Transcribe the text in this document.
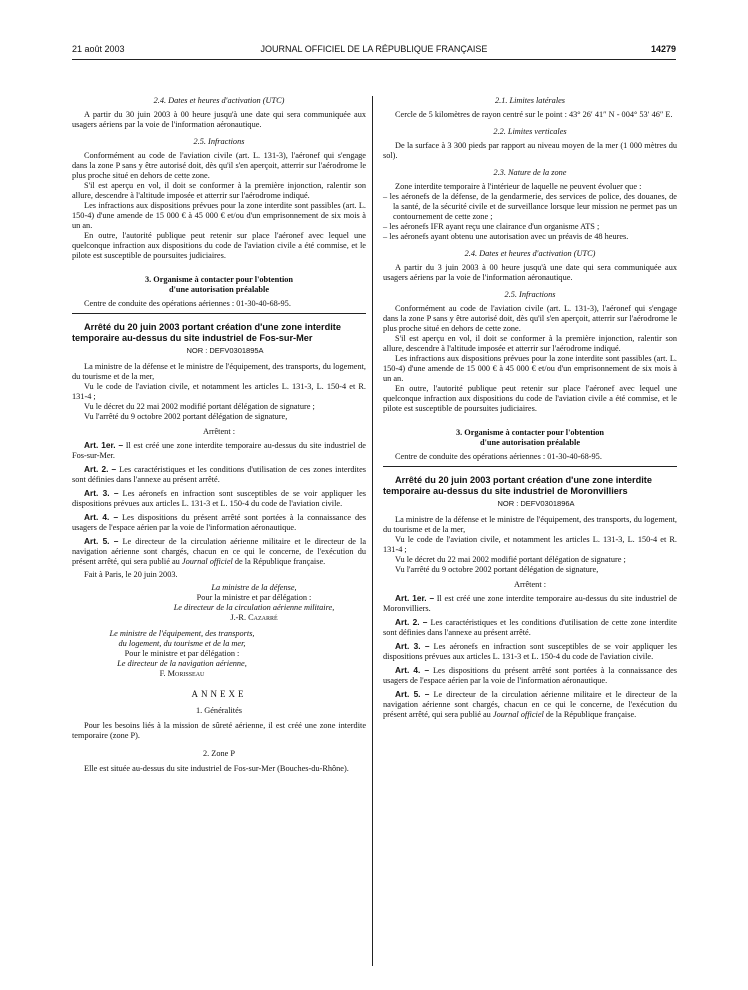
21 août 2003	JOURNAL OFFICIEL DE LA RÉPUBLIQUE FRANÇAISE	14279

2.4. Dates et heures d'activation (UTC)

A partir du 30 juin 2003 à 00 heure jusqu'à une date qui sera communiquée aux usagers aériens par la voie de l'information aéronautique.

2.5. Infractions

Conformément au code de l'aviation civile (art. L. 131-3), l'aéronef qui s'engage dans la zone P sans y être autorisé doit, dès qu'il s'en aperçoit, atterrir sur l'aérodrome le plus proche situé en dehors de cette zone.

S'il est aperçu en vol, il doit se conformer à la première injonction, ralentir son allure, descendre à l'altitude imposée et atterrir sur l'aérodrome indiqué.

Les infractions aux dispositions prévues pour la zone interdite sont passibles (art. L. 150-4) d'une amende de 15 000 € à 45 000 € et/ou d'un emprisonnement de six mois à un an.

En outre, l'autorité publique peut retenir sur place l'aéronef avec lequel une quelconque infraction aux dispositions du code de l'aviation civile a été commise, et le pilote est susceptible de poursuites judiciaires.

3. Organisme à contacter pour l'obtention

d'une autorisation préalable

Centre de conduite des opérations aériennes : 01-30-40-68-95.

Arrêté du 20 juin 2003 portant création d'une zone interdite temporaire au-dessus du site industriel de Fos-sur-Mer

NOR : DEFV0301895A

La ministre de la défense et le ministre de l'équipement, des transports, du logement, du tourisme et de la mer,

Vu le code de l'aviation civile, et notamment les articles L. 131-3, L. 150-4 et R. 131-4 ;

Vu le décret du 22 mai 2002 modifié portant délégation de signature ;

Vu l'arrêté du 9 octobre 2002 portant délégation de signature,

Arrêtent :

Art. 1er. – Il est créé une zone interdite temporaire au-dessus du site industriel de Fos-sur-Mer.

Art. 2. – Les caractéristiques et les conditions d'utilisation de ces zones interdites sont définies dans l'annexe au présent arrêté.

Art. 3. – Les aéronefs en infraction sont susceptibles de se voir appliquer les dispositions prévues aux articles L. 131-3 et L. 150-4 du code de l'aviation civile.

Art. 4. – Les dispositions du présent arrêté sont portées à la connaissance des usagers de l'espace aérien par la voie de l'information aéronautique.

Art. 5. – Le directeur de la circulation aérienne militaire et le directeur de la navigation aérienne sont chargés, chacun en ce qui le concerne, de l'exécution du présent arrêté, qui sera publié au Journal officiel de la République française.

Fait à Paris, le 20 juin 2003.

La ministre de la défense,

Pour la ministre et par délégation :

Le directeur de la circulation aérienne militaire,

J.-R. Cazarré

Le ministre de l'équipement, des transports,

du logement, du tourisme et de la mer,

Pour le ministre et par délégation :

Le directeur de la navigation aérienne,

F. Morisseau

ANNEXE

1. Généralités

Pour les besoins liés à la mission de sûreté aérienne, il est créé une zone interdite temporaire (zone P).

2. Zone P

Elle est située au-dessus du site industriel de Fos-sur-Mer (Bouches-du-Rhône).

2.1. Limites latérales

Cercle de 5 kilomètres de rayon centré sur le point : 43° 26′ 41″ N - 004° 53′ 46″ E.

2.2. Limites verticales

De la surface à 3 300 pieds par rapport au niveau moyen de la mer (1 000 mètres du sol).

2.3. Nature de la zone

Zone interdite temporaire à l'intérieur de laquelle ne peuvent évoluer que :

– les aéronefs de la défense, de la gendarmerie, des services de police, des douanes, de la santé, de la sécurité civile et de surveillance lorsque leur mission ne permet pas un contournement de cette zone ;
– les aéronefs IFR ayant reçu une clairance d'un organisme ATS ;
– les aéronefs ayant obtenu une autorisation avec un préavis de 48 heures.

2.4. Dates et heures d'activation (UTC)

A partir du 3 juin 2003 à 00 heure jusqu'à une date qui sera communiquée aux usagers aériens par la voie de l'information aéronautique.

2.5. Infractions

Conformément au code de l'aviation civile (art. L. 131-3), l'aéronef qui s'engage dans la zone P sans y être autorisé doit, dès qu'il s'en aperçoit, atterrir sur l'aérodrome le plus proche situé en dehors de cette zone.

S'il est aperçu en vol, il doit se conformer à la première injonction, ralentir son allure, descendre à l'altitude imposée et atterrir sur l'aérodrome indiqué.

Les infractions aux dispositions prévues pour la zone interdite sont passibles (art. L. 150-4) d'une amende de 15 000 € à 45 000 € et/ou d'un emprisonnement de six mois à un an.

En outre, l'autorité publique peut retenir sur place l'aéronef avec lequel une quelconque infraction aux dispositions du code de l'aviation civile a été commise, et le pilote est susceptible de poursuites judiciaires.

3. Organisme à contacter pour l'obtention

d'une autorisation préalable

Centre de conduite des opérations aériennes : 01-30-40-68-95.

Arrêté du 20 juin 2003 portant création d'une zone interdite temporaire au-dessus du site industriel de Moronvilliers

NOR : DEFV0301896A

La ministre de la défense et le ministre de l'équipement, des transports, du logement, du tourisme et de la mer,

Vu le code de l'aviation civile, et notamment les articles L. 131-3, L. 150-4 et R. 131-4 ;

Vu le décret du 22 mai 2002 modifié portant délégation de signature ;

Vu l'arrêté du 9 octobre 2002 portant délégation de signature,

Arrêtent :

Art. 1er. – Il est créé une zone interdite temporaire au-dessus du site industriel de Moronvilliers.

Art. 2. – Les caractéristiques et les conditions d'utilisation de cette zone interdite sont définies dans l'annexe au présent arrêté.

Art. 3. – Les aéronefs en infraction sont susceptibles de se voir appliquer les dispositions prévues aux articles L. 131-3 et L. 150-4 du code de l'aviation civile.

Art. 4. – Les dispositions du présent arrêté sont portées à la connaissance des usagers de l'espace aérien par la voie de l'information aéronautique.

Art. 5. – Le directeur de la circulation aérienne militaire et le directeur de la navigation aérienne sont chargés, chacun en ce qui le concerne, de l'exécution du présent arrêté, qui sera publié au Journal officiel de la République française.
